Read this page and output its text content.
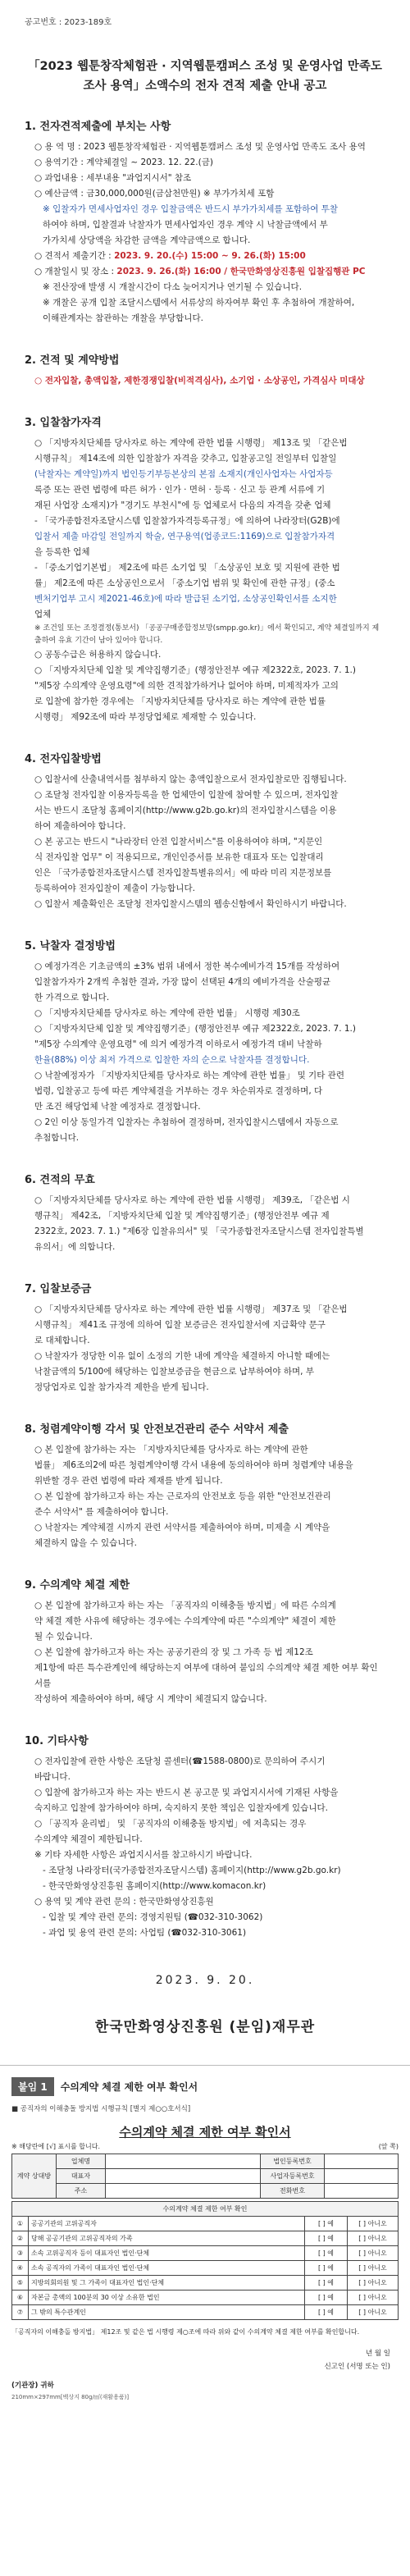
공고번호 : 2023-189호
「2023 웹툰창작체험관 · 지역웹툰캠퍼스 조성 및 운영사업 만족도
조사 용역」소액수의 전자 견적 제출 안내 공고
1. 전자견적제출에 부치는 사항
○ 용 역 명 : 2023 웹툰창작체험관 · 지역웹툰캠퍼스 조성 및 운영사업 만족도 조사 용역
○ 용역기간 : 계약체결일 ~ 2023. 12. 22.(금)
○ 과업내용 : 세부내용 "과업지시서" 참조
○ 예산금액 : 금30,000,000원(금삼천만원) ※ 부가가치세 포함
※ 입찰자가 면세사업자인 경우 입찰금액은 반드시 부가가치세를 포함하여 투찰
하여야 하며, 입찰결과 낙찰자가 면세사업자인 경우 계약 시 낙찰금액에서 부
가가치세 상당액을 차감한 금액을 계약금액으로 합니다.
○ 견적서 제출기간 : 2023. 9. 20.(수) 15:00 ~ 9. 26.(화) 15:00
○ 개찰일시 및 장소 : 2023. 9. 26.(화) 16:00 / 한국만화영상진흥원 입찰집행관 PC
※ 전산장애 발생 시 개찰시간이 다소 늦어지거나 연기될 수 있습니다.
※ 개찰은 공개 입찰 조달시스템에서 서류상의 하자여부 확인 후 추첨하여 개찰하여,
이해관계자는 참관하는 개찰을 부당합니다.
2. 견적 및 계약방법
○ 전자입찰, 총액입찰, 제한경쟁입찰(비적격심사), 소기업 · 소상공인, 가격심사 미대상
3. 입찰참가자격
○ 「지방자치단체를 당사자로 하는 계약에 관한 법률 시행령」 제13조 및 「같은법
시행규칙」 제14조에 의한 입찰참가 자격을 갖추고, 입찰공고일 전일부터 입찰일
(낙찰자는 계약일)까지 법인등기부등본상의 본점 소재지(개인사업자는 사업자등
록증 또는 관련 법령에 따른 허가 · 인가 · 면허 · 등록 · 신고 등 관계 서류에 기
재된 사업장 소재지)가 "경기도 부천시"에 등 업체로서 다음의 자격을 갖춘 업체
- 「국가종합전자조달시스템 입찰참가자격등록규정」에 의하여 나라장터(G2B)에
입찰서 제출 마감일 전일까지 학술, 연구용역(업종코드:1169)으로 입찰참가자격
을 등록한 업체
- 「중소기업기본법」 제2조에 따른 소기업 및 「소상공인 보호 및 지원에 관한 법
률」 제2조에 따른 소상공인으로서 「중소기업 범위 및 확인에 관한 규정」(중소
벤처기업부 고시 제2021-46호)에 따라 발급된 소기업, 소상공인확인서를 소지한
업체
※ 조건일 또는 조정결정(통보서) 「공공구매종합정보망(smpp.go.kr)」에서 확인되고, 계약 체결일까지 제출하여 유효 기간이 남아 있어야 합니다.
○ 공동수급은 허용하지 않습니다.
○ 「지방자치단체 입찰 및 계약집행기준」(행정안전부 예규 제2322호, 2023. 7. 1.)
"제5장 수의계약 운영요령"에 의한 견적참가하거나 없어야 하며, 미제적자가 고의
로 입찰에 참가한 경우에는 「지방자치단체를 당사자로 하는 계약에 관한 법률
시행령」 제92조에 따라 부정당업체로 제재할 수 있습니다.
4. 전자입찰방법
○ 입찰서에 산출내역서를 첨부하지 않는 총액입찰으로서 전자입찰로만 집행됩니다.
○ 조달청 전자입찰 이용자등록을 한 업체만이 입찰에 참여할 수 있으며, 전자입찰
서는 반드시 조달청 홈페이지(http://www.g2b.go.kr)의 전자입찰시스템을 이용
하여 제출하여야 합니다.
○ 본 공고는 반드시 "나라장터 안전 입찰서비스"를 이용하여야 하며, "지문인
식 전자입찰 업무" 이 적용되므로, 개인인증서를 보유한 대표자 또는 입찰대리
인은 「국가종합전자조달시스템 전자입찰특별유의서」에 따라 미리 지문정보를
등록하여야 전자입찰이 제출이 가능합니다.
○ 입찰서 제출확인은 조달청 전자입찰시스템의 웹송신함에서 확인하시기 바랍니다.
5. 낙찰자 결정방법
○ 예정가격은 기초금액의 ±3% 범위 내에서 정한 복수예비가격 15개를 작성하여
입찰참가자가 2개씩 추첨한 결과, 가장 많이 선택된 4개의 예비가격을 산술평균
한 가격으로 합니다.
○ 「지방자치단체를 당사자로 하는 계약에 관한 법률」 시행령 제30조
○ 「지방자치단체 입찰 및 계약집행기준」(행정안전부 예규 제2322호, 2023. 7. 1.)
"제5장 수의계약 운영요령" 에 의거 예정가격 이하로서 예정가격 대비 낙찰하
한율(88%) 이상 최저 가격으로 입찰한 자의 순으로 낙찰자를 결정합니다.
○ 낙찰예정자가 「지방자치단체를 당사자로 하는 계약에 관한 법률」 및 기타 관련
법령, 입찰공고 등에 따른 계약체결을 거부하는 경우 차순위자로 결정하며, 다
만 조건 해당업체 낙찰 예정자로 결정합니다.
○ 2인 이상 동일가격 입찰자는 추첨하여 결정하며, 전자입찰시스템에서 자동으로
추첨합니다.
6. 견적의 무효
○ 「지방자치단체를 당사자로 하는 계약에 관한 법률 시행령」 제39조, 「같은법 시
행규칙」 제42조, 「지방자치단체 입찰 및 계약집행기준」(행정안전부 예규 제
2322호, 2023. 7. 1.) "제6장 입찰유의서" 및 「국가종합전자조달시스템 전자입찰특별
유의서」에 의합니다.
7. 입찰보증금
○ 「지방자치단체를 당사자로 하는 계약에 관한 법률 시행령」 제37조 및 「같은법
시행규칙」 제41조 규정에 의하여 입찰 보증금은 전자입찰서에 지급확약 문구
로 대체합니다.
○ 낙찰자가 정당한 이유 없이 소정의 기한 내에 계약을 체결하지 아니할 때에는
낙찰금액의 5/100에 해당하는 입찰보증금을 현금으로 납부하여야 하며, 부
정당업자로 입찰 참가자격 제한을 받게 됩니다.
8. 청렴계약이행 각서 및 안전보건관리 준수 서약서 제출
○ 본 입찰에 참가하는 자는 「지방자치단체를 당사자로 하는 계약에 관한
법률」 제6조의2에 따른 청렴계약이행 각서 내용에 동의하여야 하며 청렴계약 내용을
위반할 경우 관련 법령에 따라 제재를 받게 됩니다.
○ 본 입찰에 참가하고자 하는 자는 근로자의 안전보호 등을 위한 "안전보건관리
준수 서약서" 를 제출하여야 합니다.
○ 낙찰자는 계약체결 시까지 관련 서약서를 제출하여야 하며, 미제출 시 계약을
체결하지 않을 수 있습니다.
9. 수의계약 체결 제한
○ 본 입찰에 참가하고자 하는 자는 「공직자의 이해충돌 방지법」에 따른 수의계
약 체결 제한 사유에 해당하는 경우에는 수의계약에 따른 "수의계약" 체결이 제한
될 수 있습니다.
○ 본 입찰에 참가하고자 하는 자는 공공기관의 장 및 그 가족 등 법 제12조
제1항에 따른 특수관계인에 해당하는지 여부에 대하여 붙임의 수의계약 체결 제한 여부 확인서를
작성하여 제출하여야 하며, 해당 시 계약이 체결되지 않습니다.
10. 기타사항
○ 전자입찰에 관한 사항은 조달청 콜센터(☎1588-0800)로 문의하여 주시기
바랍니다.
○ 입찰에 참가하고자 하는 자는 반드시 본 공고문 및 과업지시서에 기재된 사항을
숙지하고 입찰에 참가하여야 하며, 숙지하지 못한 책임은 입찰자에게 있습니다.
○ 「공직자 윤리법」 및 「공직자의 이해충돌 방지법」에 저촉되는 경우
수의계약 체결이 제한됩니다.
※ 기타 자세한 사항은 과업지시서를 참고하시기 바랍니다.
- 조달청 나라장터(국가종합전자조달시스템) 홈페이지(http://www.g2b.go.kr)
- 한국만화영상진흥원 홈페이지(http://www.komacon.kr)
○ 용역 및 계약 관련 문의 : 한국만화영상진흥원
- 입찰 및 계약 관련 문의: 경영지원팀 (☎032-310-3062)
- 과업 및 용역 관련 문의: 사업팀 (☎032-310-3061)
2023. 9. 20.
한국만화영상진흥원 (분임)재무관
붙임 1	수의계약 체결 제한 여부 확인서
■ 공직자의 이해충돌 방지법 시행규칙 [별지 제○○호서식]
수의계약 체결 제한 여부 확인서
※ 해당란에 [√] 표시를 합니다.	(앞 쪽)
계약 상대방	업체명		법인등록번호	
	대표자		사업자등록번호	
	주소		전화번호	
수의계약 체결 제한 여부 확인			
①	공공기관의 고위공직자	[ ] 예	[ ] 아니오
②	당해 공공기관의 고위공직자의 가족	[ ] 예	[ ] 아니오
③	소속 고위공직자 등이 대표자인 법인·단체	[ ] 예	[ ] 아니오
④	소속 공직자의 가족이 대표자인 법인·단체	[ ] 예	[ ] 아니오
⑤	지방의회의원 및 그 가족이 대표자인 법인·단체	[ ] 예	[ ] 아니오
⑥	자본금 총액의 100분의 30 이상 소유한 법인	[ ] 예	[ ] 아니오
⑦	그 밖의 특수관계인	[ ] 예	[ ] 아니오
「공직자의 이해충돌 방지법」 제12조 및 같은 법 시행령 제○조에 따라 위와 같이 수의계약 체결 제한 여부를 확인합니다.
년 월 일
신고인 (서명 또는 인)
(기관장) 귀하
210mm×297mm[백상지 80g/㎡(재활용품)]
